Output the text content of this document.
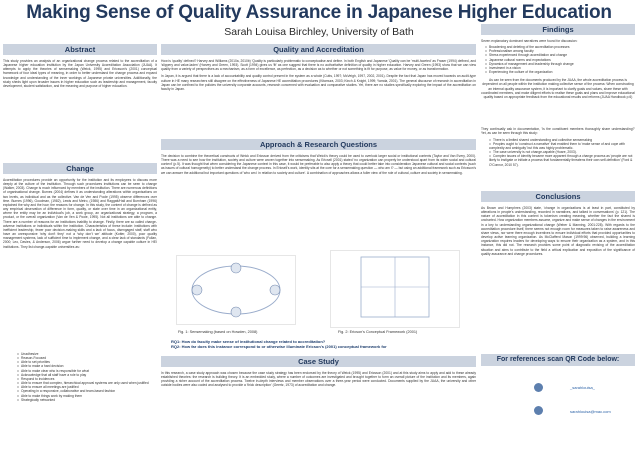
Making Sense of Quality Assurance in Japanese Higher Education
Sarah Louisa Birchley, University of Bath
Abstract
This study provides an analysis of an organizational change process related to the accreditation of a Japanese higher education institution by the Japan University Accreditation Association (JUAA). It attempts to apply the theories of sensemaking (Weick, 1995) and Ericsson's (2001) conceptual framework of four ideal types of meaning, in order to better understand the change process and expand knowledge and understanding of the inner workings of Japanese private universities. Additionally, the study sheds light upon broader issues in higher education such as leadership and management, faculty development, student satisfaction, and the meaning and purpose of higher education.
Change
Accreditation procedures provide an opportunity for the institution and its employees to discuss more deeply at the culture of the institution. Through such procedures institutions can be seen to change (Walker, 2003). Change is much influenced by members of the institution. There are numerous definitions of organisational change. Burnes (2004) defines it as understanding alterations within organisations on two levels, as individual and as the collective. Van de Ven and Poole (1995) observe differences over time. Burnes (1996), Goodman, (1982), Lewis and Metro, (1986) and Raggatt/Hall and Burnham (1996) explained the why and the how; the reasons for change. In this study, the content of change is defined as any empirical observation of difference in form, quality, or state over time in an organizational entity, where the entity may be an individual's job, a work group, an organizational strategy, a program, a product, or the overall organization (Van de Ven & Poole, 1995). Not all institutions are able to change. There are a number of reasons for an institutions inability to change. Firstly, there are so called change-adverse institutions or individuals within the institution. Characteristics of these include: institutions with inefficient leadership, fewer poor decision-making skills and a lack of focus, disengaged staff, staff who have an unresponsive 'why don't they' not a 'why don't we' attitude (Kotter, 2000), poor quality management systems, lack of sufficient time to implement change, and a clear lack of standards (Fullan, 2000; Leo, Davies, & Anderson, 2006) argue further need to develop a change capable culture in HEI institutions. They list change-capable universities as:
□ Unadhesive
□ Reason-Focused
□ Able to set priorities
□ Able to make a hard decision
□ Able to make clear who is responsible for what
□ Acknowledge that all staff have a role to play
□ Respond to incidences
□ Able to ensure that complex, hierarchical approval systems are only used when justified
□ Able to ensure all meetings are justified
□ Operating in a responsive, collaborative and team-based fashion
□ Able to make things work by making them
□ Strategically networked
Quality and Accreditation

How is 'quality' defined? Harvey and Williams (2010a, 2010b) 'Quality is particularly problematic to conceptualise and define. In both English and Japanese 'Quality can be 'multi-faceted' as Fraser (1994) defined, and 'slippery and value-laden' (Harvey and Green, 1993). Scott (1994) gives us 'fit' as one suggest that there is no authoritative definition of quality in higher education. Harvey and Green (1993) show that we can view quality from a variety of perspectives as a mechanism, as a form of excellence, as perfection, as a decision as to whether or not something is fit for purpose, as value for money, or as transformation.

In Japan, it is argued that there is a lack of accountability and quality control present in the system as a whole (Cutts, 1997; McVeigh, 1997, 2002, 2001). Despite the fact that Japan has moved towards an audit-type culture in HE many researchers still disagree on the effectiveness of Japanese HE accreditation procedures (Kitamura, 2003; Kinch & Knight, 1999; Yamda, 2001). The general discourse of research in accreditation in Japan can be confined to the policies the university corporate accounts, research concerned with evaluation and comparative studies. Yet, there are no studies specifically exploring the impact of the accreditation on faculty in Japan.

Approach & Research Questions
The decision to combine the theoretical constructs of Weick and Ericsson derived from the criticisms that Weick's theory could be used to overlook larger social or institutional contexts (Taylor and Van Every, 2000). There was a need to see how the institution, society and culture were woven together into sensemaking. As Ericsell (2001) stated 'no organization can properly be understood apart from its wider social and cultural context' (p.5). It was thought that when considering the Japanese context in this case, it would be preferable to also apply a theory that could better take into consideration Japanese cultural and social contexts (such as issues of cultural homogeneity) to better understand the change process. In Ericsell's work, identity sits at the core for a sensemaking question — who am I? — but using an additional framework such as Ericsson's we can answer the additional but important questions of 'who am I in relation to society and culture'. A combination of approaches allows a fuller view of the role of cultural, culture and society in sensemaking.
Fig. 1: Sensemaking (based on Howden, 2008)	Fig. 2: Ericson's Conceptual Framework (2001)
RQ1: How do faculty make sense of institutional change related to accreditation?
RQ2: How far does this instance correspond to or otherwise illuminate Ericson's (2001) conceptual framework for
Case Study
In this research, a case study approach was chosen because the case study strategy has been endorsed by the theory of Weick (1995) and Ericsson (2001) and at this study aims to apply and add to these already established theories: the research is building theory. It is an embedded study, where a number of outcomes are investigated and brought together to form an overall picture of the institution and its members, again providing a richer account of the accreditation process. Twelve in-depth interviews and member observations over a three-year period were conducted. Documents supplied by the JUAA, the university and other outside bodies were also coded and analysed to provide a 'thick description' (Geertz, 1973) of accreditation and change.
Findings
Seven explanatory dominant narratives were found for discussion:
□ Broadening and deleting of the accreditation processes
□ Professionalism among faculty
□ Stress experienced through accreditation and change
□ Japanese cultural norms and expectations
□ Dynamics of management and leadership through change
□ Investment in a vision
□ Experiencing the culture of the organization
As can be seen from the documents produced by the JUAA, the whole accreditation process is dependent on all people within the institution making collective sense of the process: When constructing an internal quality assurance system, it is important to clarify goals and values, share these with coordinated members, and make diligent efforts to realise these goals and plans and improve educational quality based on appropriate feedback from the educational results and reforms (JUAA Handbook p.6)
They continually ask in documentation, 'Is the constituent members thoroughly share understanding?' Yet, as can be seen through this study:
□ There is a limited shared understanding and collective sensemaking
□ Peoples ought to 'construct a narrative' that enabled them to 'make sense of and cope with complexity and ambiguity' but this was highly problematic.
□ The case university is not change-capable (Hoare, 2003).
□ Complex issues of identity became more apparent through a change process as 'people are not likely to instigate or initiate a process that fundamentally threatens their own self-definition' (Ford & O'Connor, 2010 57).
Conclusions
As Brown and Humphres (2003) state, 'change in organizations is at least in part, constituted by alterations in people's understanding, recorded in narratives, and talked in conversations' (p. 121). The nature of accreditation in this context is tokenism creating meaning, whether the fact the shared is uncharted. How organization members assume, organize and make sense of changes in the environment in a key to understanding organizational change (Weber & Manning, 2001:228). With regards to the accreditation procedure itself, there seems not enough room for measures taken to raise awareness and share views, nor were there enough incentives to ensure individual efforts that provided opportunities to develop active learning organization. As McClafferd Mason (1999:96) observed, building a learning organization requires leaders for developing ways to ensure their organization as a system, and in this instance, this did not. The research provides some point of diagnostic revising of the accreditation situation and aims to contribute to the field a critical explication and exposition of the significance of quality assurance and change procedures.
For references scan QR Code below:
_sarahlouisa_
sarahlouisa@mac.com
